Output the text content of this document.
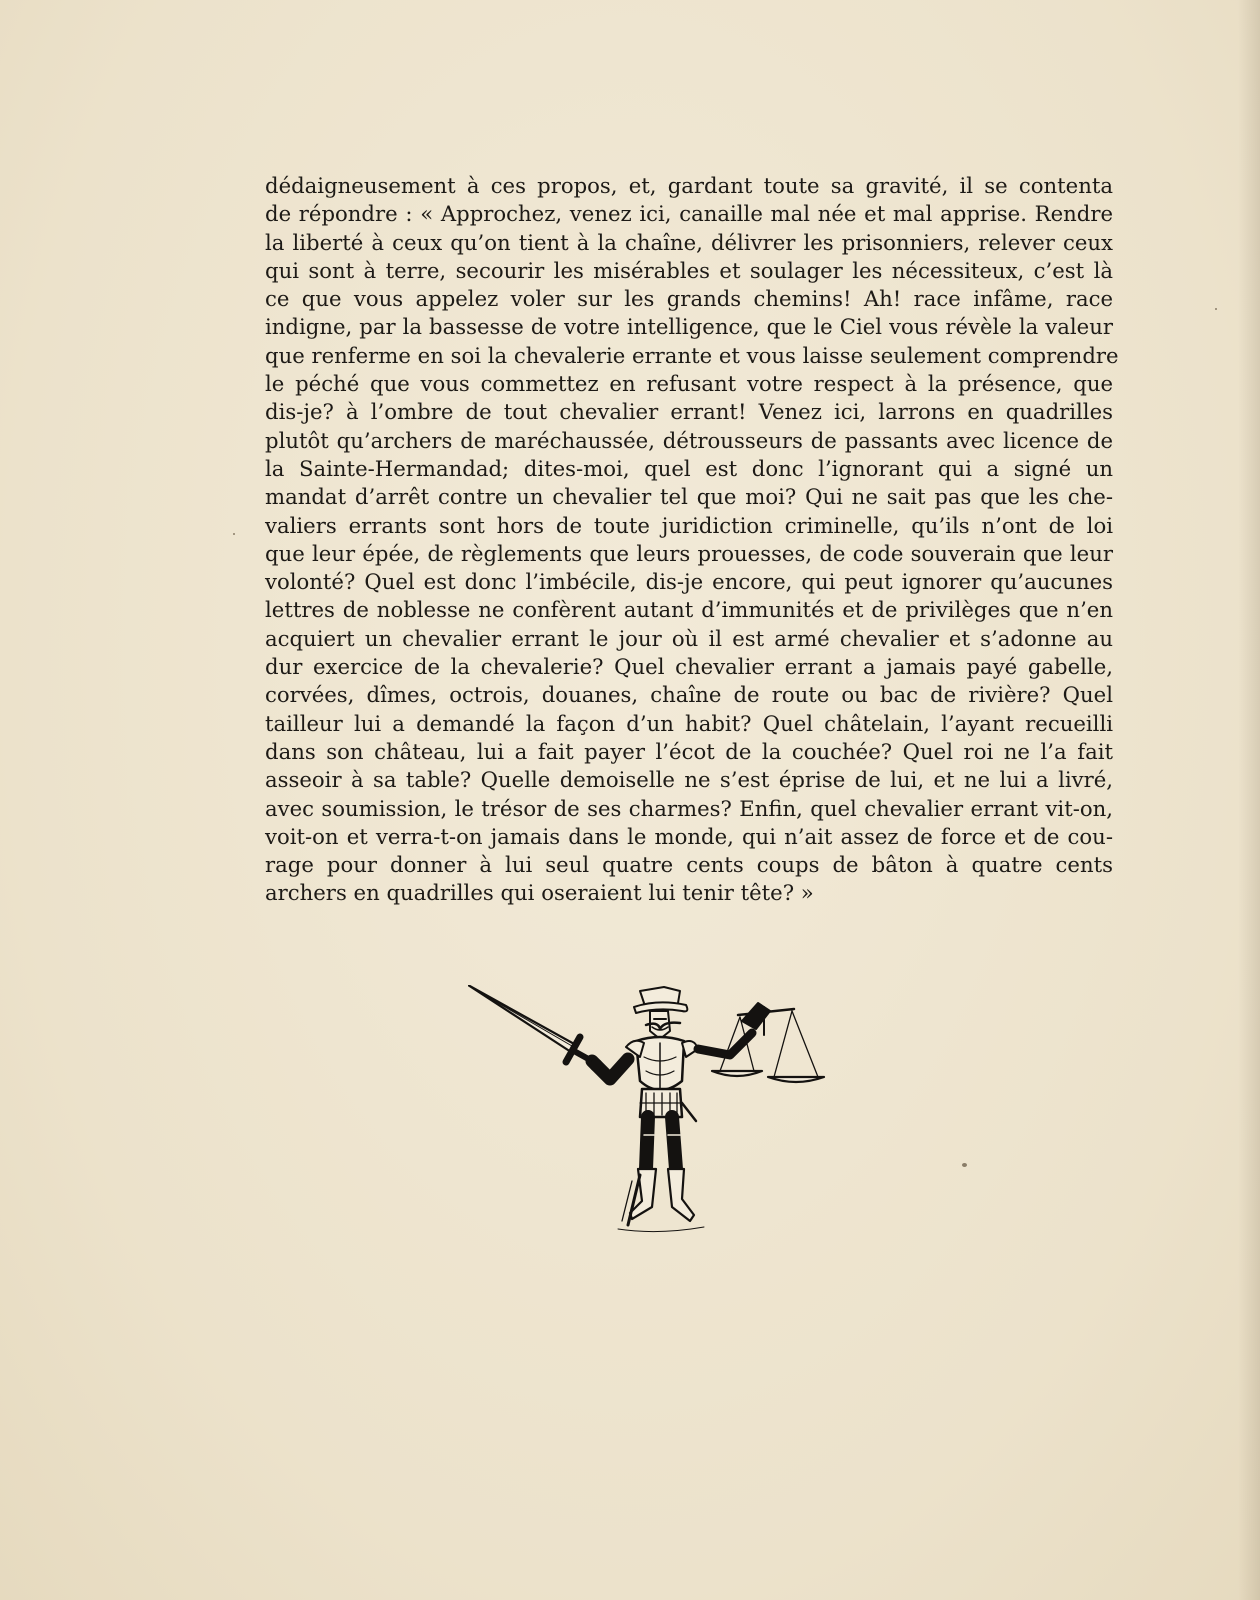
dédaigneusement à ces propos, et, gardant toute sa gravité, il se contenta
de répondre : « Approchez, venez ici, canaille mal née et mal apprise. Rendre
la liberté à ceux qu’on tient à la chaîne, délivrer les prisonniers, relever ceux
qui sont à terre, secourir les misérables et soulager les nécessiteux, c’est là
ce que vous appelez voler sur les grands chemins! Ah! race infâme, race
indigne, par la bassesse de votre intelligence, que le Ciel vous révèle la valeur
que renferme en soi la chevalerie errante et vous laisse seulement comprendre
le péché que vous commettez en refusant votre respect à la présence, que
dis-je? à l’ombre de tout chevalier errant! Venez ici, larrons en quadrilles
plutôt qu’archers de maréchaussée, détrousseurs de passants avec licence de
la Sainte-Hermandad; dites-moi, quel est donc l’ignorant qui a signé un
mandat d’arrêt contre un chevalier tel que moi? Qui ne sait pas que les che-
valiers errants sont hors de toute juridiction criminelle, qu’ils n’ont de loi
que leur épée, de règlements que leurs prouesses, de code souverain que leur
volonté? Quel est donc l’imbécile, dis-je encore, qui peut ignorer qu’aucunes
lettres de noblesse ne confèrent autant d’immunités et de privilèges que n’en
acquiert un chevalier errant le jour où il est armé chevalier et s’adonne au
dur exercice de la chevalerie? Quel chevalier errant a jamais payé gabelle,
corvées, dîmes, octrois, douanes, chaîne de route ou bac de rivière? Quel
tailleur lui a demandé la façon d’un habit? Quel châtelain, l’ayant recueilli
dans son château, lui a fait payer l’écot de la couchée? Quel roi ne l’a fait
asseoir à sa table? Quelle demoiselle ne s’est éprise de lui, et ne lui a livré,
avec soumission, le trésor de ses charmes? Enfin, quel chevalier errant vit-on,
voit-on et verra-t-on jamais dans le monde, qui n’ait assez de force et de cou-
rage pour donner à lui seul quatre cents coups de bâton à quatre cents
archers en quadrilles qui oseraient lui tenir tête? »
